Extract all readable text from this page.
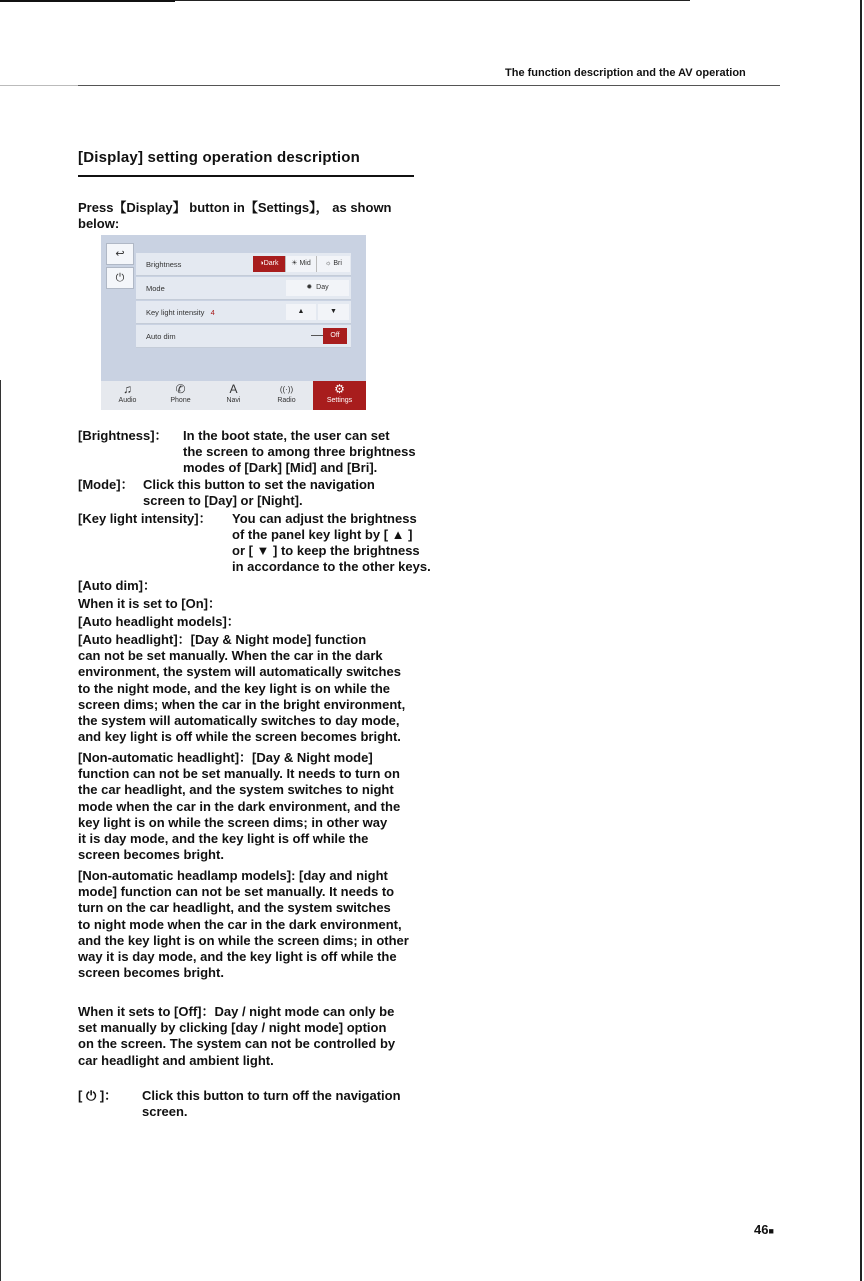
The function description and the AV operation
[Display] setting operation description
Press【Display】 button in【Settings】， as shown
below:
↩
⏻
Brightness	◑Dark	☀ Mid	☼ Bri
Mode	✹  Day
Key light intensity 4	▲	▼
Auto dim	Off
♫
Audio
✆
Phone
A
Navi
((·))
Radio
⚙
Settings
[Brightness]： In the boot state, the user can set
the screen to among three brightness
modes of [Dark] [Mid] and [Bri].
[Mode]： Click this button to set the navigation
screen to [Day] or [Night].
[Key light intensity]： You can adjust the brightness
of the panel key light by [ ▲ ]
or [ ▼ ] to keep the brightness
in accordance to the other keys.
[Auto dim]：
When it is set to [On]：
[Auto headlight models]：
[Auto headlight]：[Day & Night mode] function
can not be set manually. When the car in the dark
environment, the system will automatically switches
to the night mode, and the key light is on while the
screen dims; when the car in the bright environment,
the system will automatically switches to day mode,
and key light is off while the screen becomes bright.
[Non-automatic headlight]：[Day & Night mode]
function can not be set manually. It needs to turn on
the car headlight, and the system switches to night
mode when the car in the dark environment, and the
key light is on while the screen dims; in other way
it is day mode, and the key light is off while the
screen becomes bright.
[Non-automatic headlamp models]: [day and night
mode] function can not be set manually. It needs to
turn on the car headlight, and the system switches
to night mode when the car in the dark environment,
and the key light is on while the screen dims; in other
way it is day mode, and the key light is off while the
screen becomes bright.
When it sets to [Off]：Day / night mode can only be
set manually by clicking [day / night mode] option
on the screen. The system can not be controlled by
car headlight and ambient light.
[ ⏻ ]： Click this button to turn off the navigation
screen.
46■
